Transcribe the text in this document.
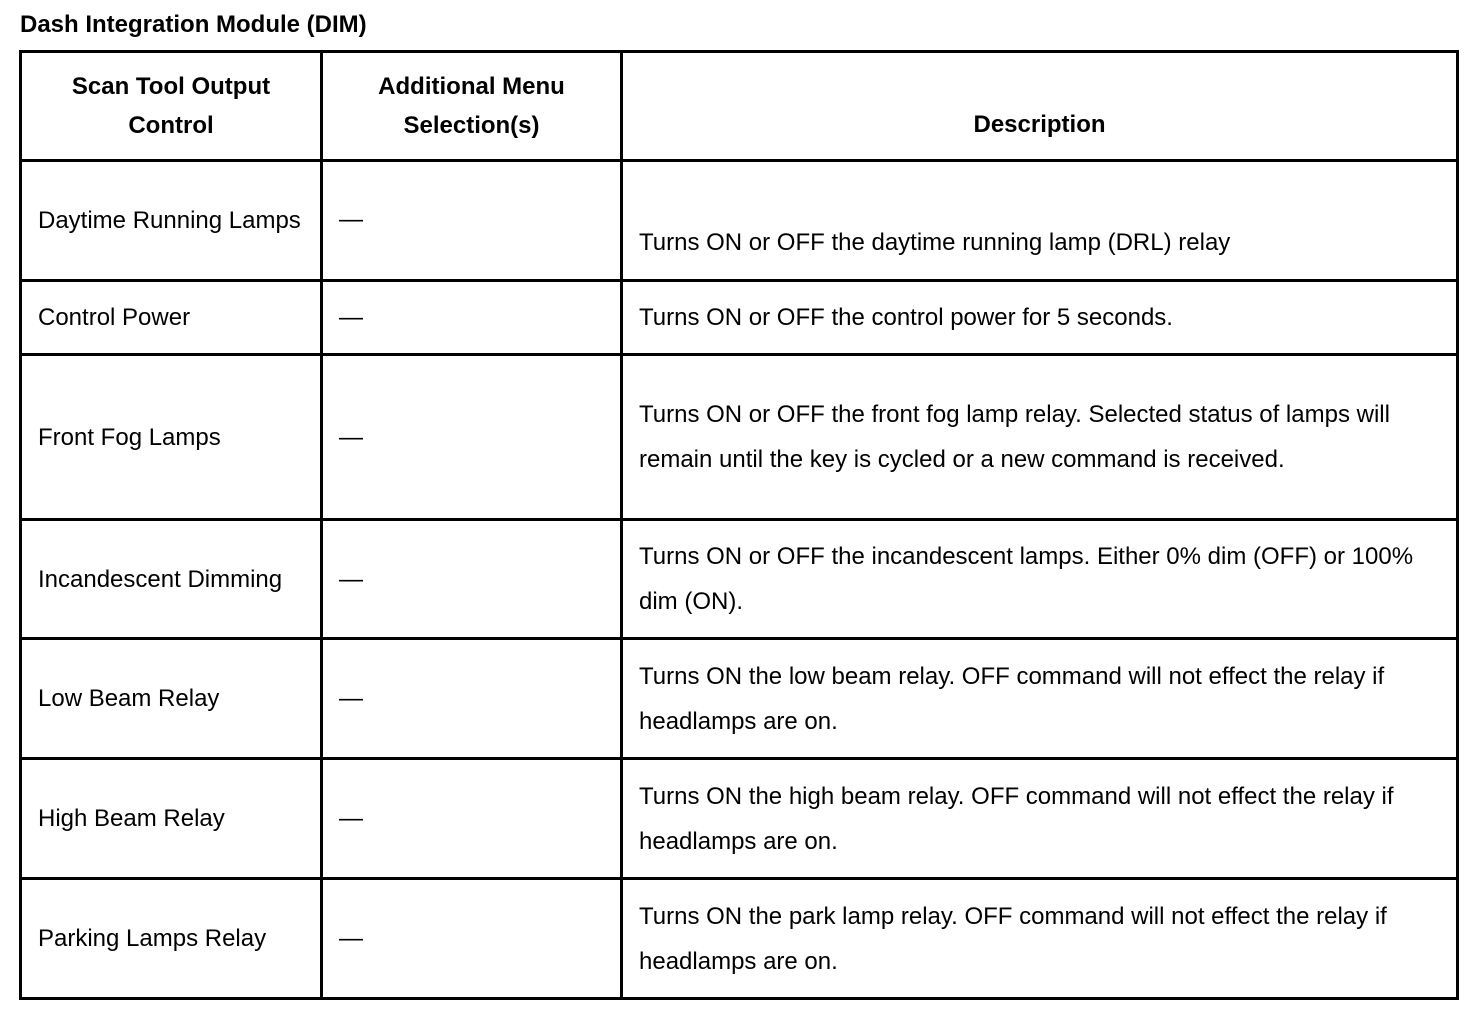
Dash Integration Module (DIM)
Scan Tool Output Control	Additional Menu Selection(s)	Description
Daytime Running Lamps	—	Turns ON or OFF the daytime running lamp (DRL) relay
Control Power	—	Turns ON or OFF the control power for 5 seconds.
Front Fog Lamps	—	Turns ON or OFF the front fog lamp relay. Selected status of lamps will remain until the key is cycled or a new command is received.
Incandescent Dimming	—	Turns ON or OFF the incandescent lamps. Either 0% dim (OFF) or 100% dim (ON).
Low Beam Relay	—	Turns ON the low beam relay. OFF command will not effect the relay if headlamps are on.
High Beam Relay	—	Turns ON the high beam relay. OFF command will not effect the relay if headlamps are on.
Parking Lamps Relay	—	Turns ON the park lamp relay. OFF command will not effect the relay if headlamps are on.
